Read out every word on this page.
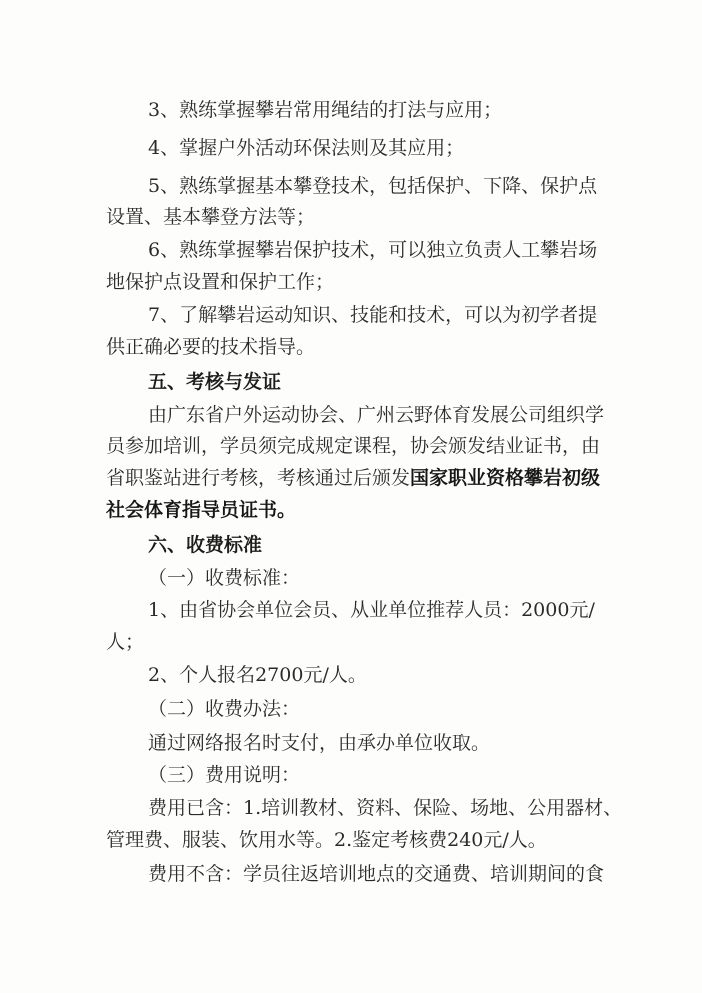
3、熟练掌握攀岩常用绳结的打法与应用；
4、掌握户外活动环保法则及其应用；
5、熟练掌握基本攀登技术，包括保护、下降、保护点
设置、基本攀登方法等；
6、熟练掌握攀岩保护技术，可以独立负责人工攀岩场
地保护点设置和保护工作；
7、了解攀岩运动知识、技能和技术，可以为初学者提
供正确必要的技术指导。
五、考核与发证
由广东省户外运动协会、广州云野体育发展公司组织学
员参加培训，学员须完成规定课程，协会颁发结业证书，由
省职鉴站进行考核，考核通过后颁发国家职业资格攀岩初级
社会体育指导员证书。
六、收费标准
（一）收费标准：
1、由省协会单位会员、从业单位推荐人员：2000元/
人；
2、个人报名2700元/人。
（二）收费办法：
通过网络报名时支付，由承办单位收取。
（三）费用说明：
费用已含：1.培训教材、资料、保险、场地、公用器材、
管理费、服装、饮用水等。2.鉴定考核费240元/人。
费用不含：学员往返培训地点的交通费、培训期间的食
